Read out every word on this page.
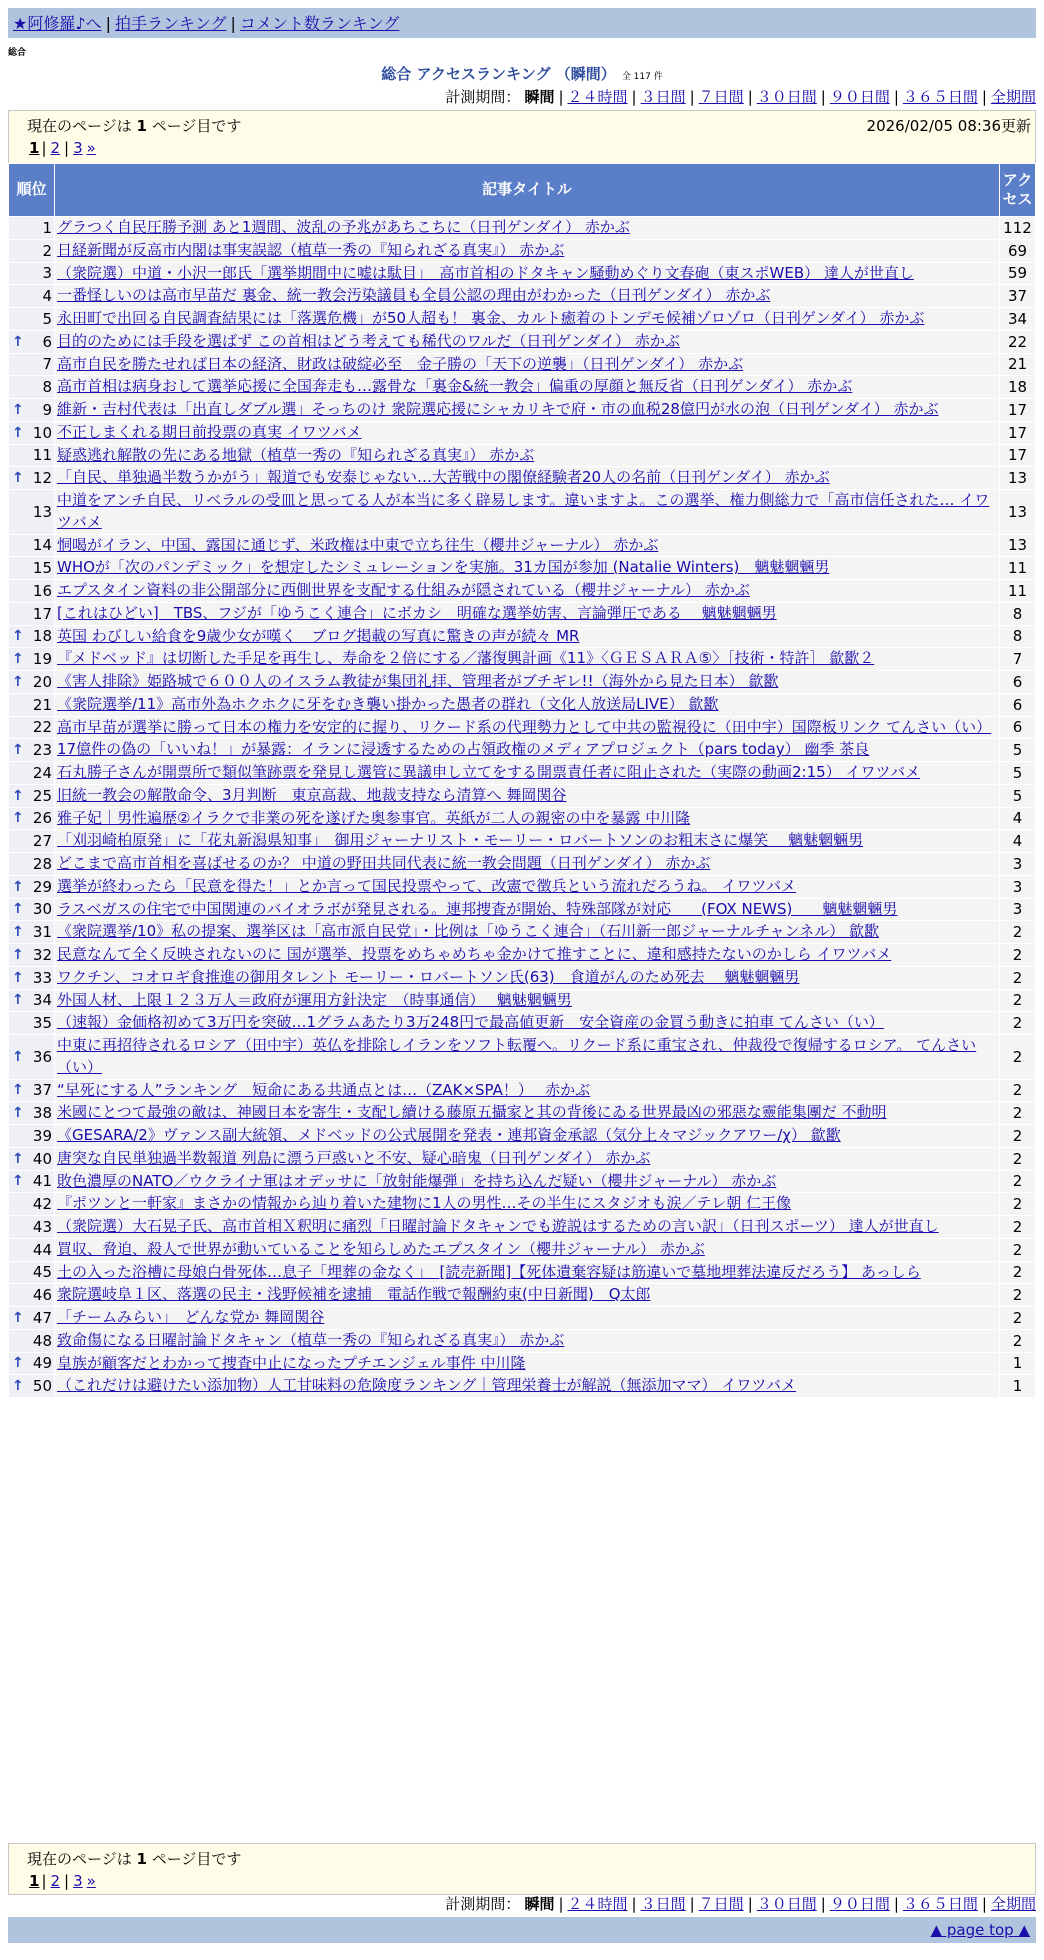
★阿修羅♪へ | 拍手ランキング | コメント数ランキング
総合
総合 アクセスランキング （瞬間） 全 117 件
計測期間： 瞬間 | ２４時間 | ３日間 | ７日間 | ３０日間 | ９０日間 | ３６５日間 | 全期間
現在のページは 1 ページ目です	2026/02/05 08:36更新
1 | 2 | 3 »
順位	記事タイトル	アクセス
1	グラつく自民圧勝予測 あと1週間、波乱の予兆があちこちに（日刊ゲンダイ） 赤かぶ	112
2	日経新聞が反高市内閣は事実誤認（植草一秀の『知られざる真実』） 赤かぶ	69
3	（衆院選）中道・小沢一郎氏「選挙期間中に嘘は駄目」　高市首相のドタキャン騒動めぐり文春砲（東スポWEB） 達人が世直し	59
4	一番怪しいのは高市早苗だ 裏金、統一教会汚染議員も全員公認の理由がわかった（日刊ゲンダイ） 赤かぶ	37
5	永田町で出回る自民調査結果には「落選危機」が50人超も！ 裏金、カルト癒着のトンデモ候補ゾロゾロ（日刊ゲンダイ） 赤かぶ	34

↑ 6	目的のためには手段を選ばず この首相はどう考えても稀代のワルだ（日刊ゲンダイ） 赤かぶ	22
7	高市自民を勝たせれば日本の経済、財政は破綻必至　金子勝の「天下の逆襲」（日刊ゲンダイ） 赤かぶ	21
8	高市首相は病身おして選挙応援に全国奔走も…露骨な「裏金&統一教会」偏重の厚顔と無反省（日刊ゲンダイ） 赤かぶ	18

↑ 9	維新・吉村代表は「出直しダブル選」そっちのけ 衆院選応援にシャカリキで府・市の血税28億円が水の泡（日刊ゲンダイ） 赤かぶ	17

↑ 10	不正しまくれる期日前投票の真実 イワツバメ	17
11	疑惑逃れ解散の先にある地獄（植草一秀の『知られざる真実』） 赤かぶ	17

↑ 12	「自民、単独過半数うかがう」報道でも安泰じゃない…大苦戦中の閣僚経験者20人の名前（日刊ゲンダイ） 赤かぶ	13
13	中道をアンチ自民、リベラルの受皿と思ってる人が本当に多く辟易します。違いますよ。この選挙、権力側総力で「高市信任された… イワツバメ	13
14	恫喝がイラン、中国、露国に通じず、米政権は中東で立ち往生（櫻井ジャーナル） 赤かぶ	13
15	WHOが「次のパンデミック」を想定したシミュレーションを実施。31カ国が参加 (Natalie Winters)　魑魅魍魎男	11
16	エプスタイン資料の非公開部分に西側世界を支配する仕組みが隠されている（櫻井ジャーナル） 赤かぶ	11
17	[これはひどい]　TBS、フジが「ゆうこく連合」にボカシ　明確な選挙妨害、言論弾圧である　 魑魅魍魎男	8

↑ 18	英国 わびしい給食を9歳少女が嘆く　ブログ掲載の写真に驚きの声が続々 MR	8

↑ 19	『メドベッド』は切断した手足を再生し、寿命を２倍にする／藩復興計画《11》〈ＧＥＳＡＲＡ⑤〉［技術・特許］ 歙歠２	7

↑ 20	《害人排除》姫路城で６００人のイスラム教徒が集団礼拝、管理者がブチギレ!!（海外から見た日本） 歙歠	6
21	《衆院選挙/11》高市外為ホクホクに牙をむき襲い掛かった愚者の群れ（文化人放送局LIVE） 歙歠	6
22	高市早苗が選挙に勝って日本の権力を安定的に握り、リクード系の代理勢力として中共の監視役に（田中宇）国際板リンク てんさい（い）	6

↑ 23	17億件の偽の「いいね！」が暴露：イランに浸透するための占領政権のメディアプロジェクト（pars today） 幽季 茶良	5
24	石丸勝子さんが開票所で類似筆跡票を発見し選管に異議申し立てをする開票責任者に阻止された（実際の動画2:15） イワツバメ	5

↑ 25	旧統一教会の解散命令、3月判断　東京高裁、地裁支持なら清算へ 舞岡関谷	5

↑ 26	雅子妃｜男性遍歴②イラクで非業の死を遂げた奥参事官。英紙が二人の親密の中を暴露 中川隆	4
27	「刈羽崎柏原発」に「花丸新潟県知事」　御用ジャーナリスト・モーリー・ロバートソンのお粗末さに爆笑　 魑魅魍魎男	4
28	どこまで高市首相を喜ばせるのか？ 中道の野田共同代表に統一教会問題（日刊ゲンダイ） 赤かぶ	3

↑ 29	選挙が終わったら「民意を得た！」とか言って国民投票やって、改憲で徴兵という流れだろうね。 イワツバメ	3

↑ 30	ラスベガスの住宅で中国関連のバイオラボが発見される。連邦捜査が開始、特殊部隊が対応　　(FOX NEWS)　　魑魅魍魎男	3

↑ 31	《衆院選挙/10》私の提案、選挙区は「高市派自民党」・比例は「ゆうこく連合」（石川新一郎ジャーナルチャンネル） 歙歠	2

↑ 32	民意なんて全く反映されないのに 国が選挙、投票をめちゃめちゃ金かけて推すことに、違和感持たないのかしら イワツバメ	2

↑ 33	ワクチン、コオロギ食推進の御用タレント モーリー・ロバートソン氏(63)　食道がんのため死去　 魑魅魍魎男	2

↑ 34	外国人材、上限１２３万人＝政府が運用方針決定　（時事通信）　 魑魅魍魎男	2
35	（速報）金価格初めて3万円を突破…1グラムあたり3万248円で最高値更新　安全資産の金買う動きに拍車 てんさい（い）	2

↑ 36	中東に再招待されるロシア（田中宇）英仏を排除しイランをソフト転覆へ。リクード系に重宝され、仲裁役で復帰するロシア。 てんさい（い）	2

↑ 37	“早死にする人”ランキング　短命にある共通点とは…（ZAK×SPA！）　 赤かぶ	2

↑ 38	米國にとつて最強の敵は、神國日本を寄生・支配し續ける藤原五攝家と其の背後にゐる世界最凶の邪惡な靈能集團だ 不動明	2
39	《GESARA/2》ヴァンス副大統領、メドベッドの公式展開を発表・連邦資金承認（気分上々マジックアワー/χ） 歙歠	2

↑ 40	唐突な自民単独過半数報道 列島に漂う戸惑いと不安、疑心暗鬼（日刊ゲンダイ） 赤かぶ	2

↑ 41	敗色濃厚のNATO／ウクライナ軍はオデッサに「放射能爆弾」を持ち込んだ疑い（櫻井ジャーナル） 赤かぶ	2
42	『ポツンと一軒家』まさかの情報から辿り着いた建物に1人の男性…その半生にスタジオも涙／テレ朝 仁王像	2
43	（衆院選）大石晃子氏、高市首相Ｘ釈明に痛烈「日曜討論ドタキャンでも遊説はするための言い訳」（日刊スポーツ） 達人が世直し	2
44	買収、脅迫、殺人で世界が動いていることを知らしめたエプスタイン（櫻井ジャーナル） 赤かぶ	2
45	土の入った浴槽に母娘白骨死体…息子「埋葬の金なく」　[読売新聞]【死体遺棄容疑は筋違いで墓地埋葬法違反だろう】 あっしら	2
46	衆院選岐阜１区、落選の民主・浅野候補を逮捕　電話作戦で報酬約束(中日新聞)　Q太郎	2

↑ 47	「チームみらい」　どんな党か 舞岡関谷	2
48	致命傷になる日曜討論ドタキャン（植草一秀の『知られざる真実』） 赤かぶ	2

↑ 49	皇族が顧客だとわかって捜査中止になったプチエンジェル事件 中川隆	1

↑ 50	（これだけは避けたい添加物）人工甘味料の危険度ランキング｜管理栄養士が解説（無添加ママ） イワツバメ	1
現在のページは 1 ページ目です
1 | 2 | 3 »
計測期間： 瞬間 | ２４時間 | ３日間 | ７日間 | ３０日間 | ９０日間 | ３６５日間 | 全期間
▲ page top ▲
